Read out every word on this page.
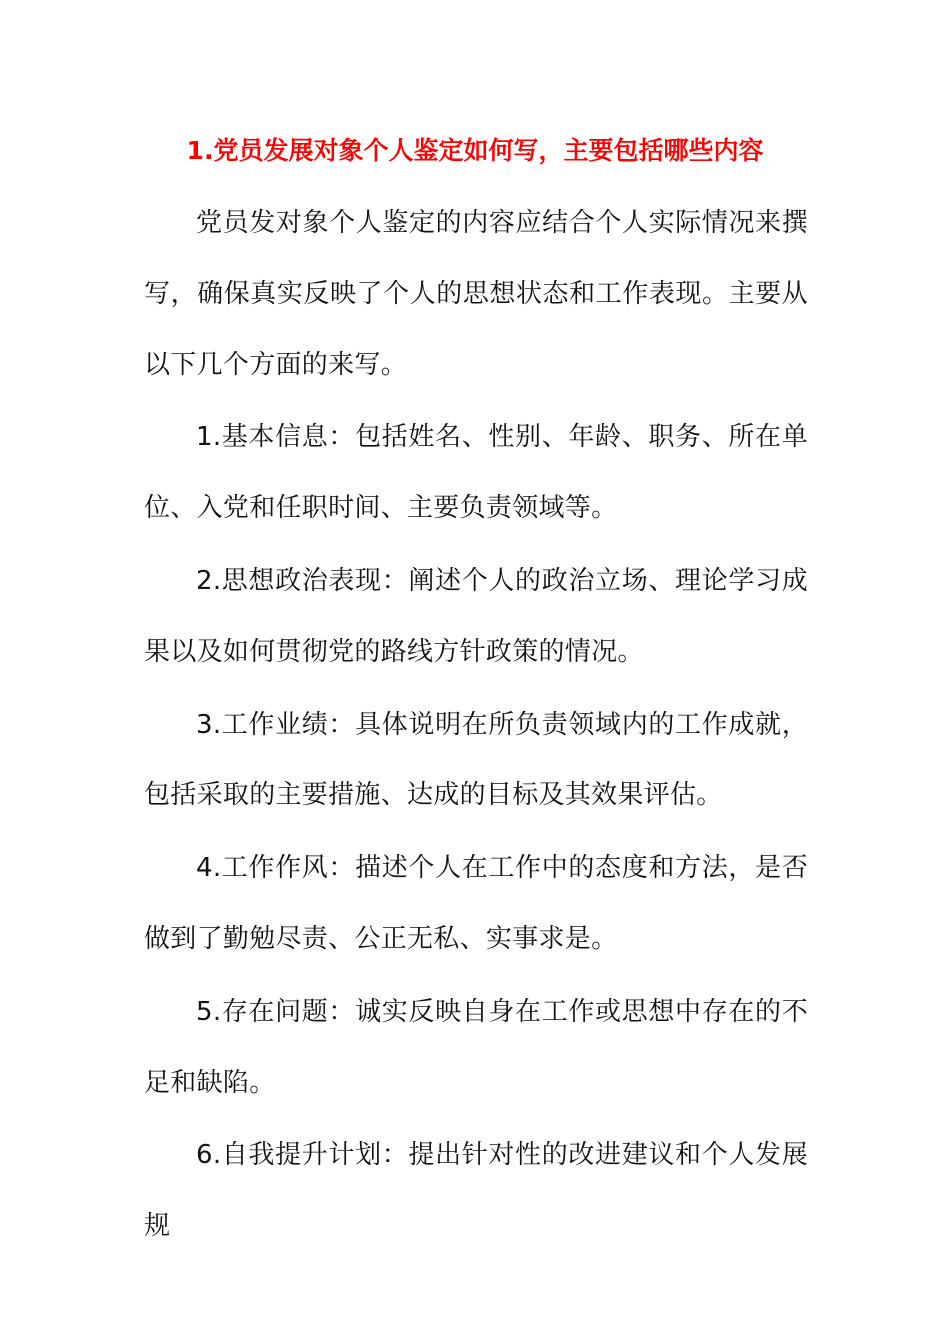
1.党员发展对象个人鉴定如何写，主要包括哪些内容

党员发对象个人鉴定的内容应结合个人实际情况来撰写，确保真实反映了个人的思想状态和工作表现。主要从以下几个方面的来写。

1.基本信息：包括姓名、性别、年龄、职务、所在单位、入党和任职时间、主要负责领域等。

2.思想政治表现：阐述个人的政治立场、理论学习成果以及如何贯彻党的路线方针政策的情况。

3.工作业绩：具体说明在所负责领域内的工作成就，包括采取的主要措施、达成的目标及其效果评估。

4.工作作风：描述个人在工作中的态度和方法，是否做到了勤勉尽责、公正无私、实事求是。

5.存在问题：诚实反映自身在工作或思想中存在的不足和缺陷。

6.自我提升计划：提出针对性的改进建议和个人发展规
